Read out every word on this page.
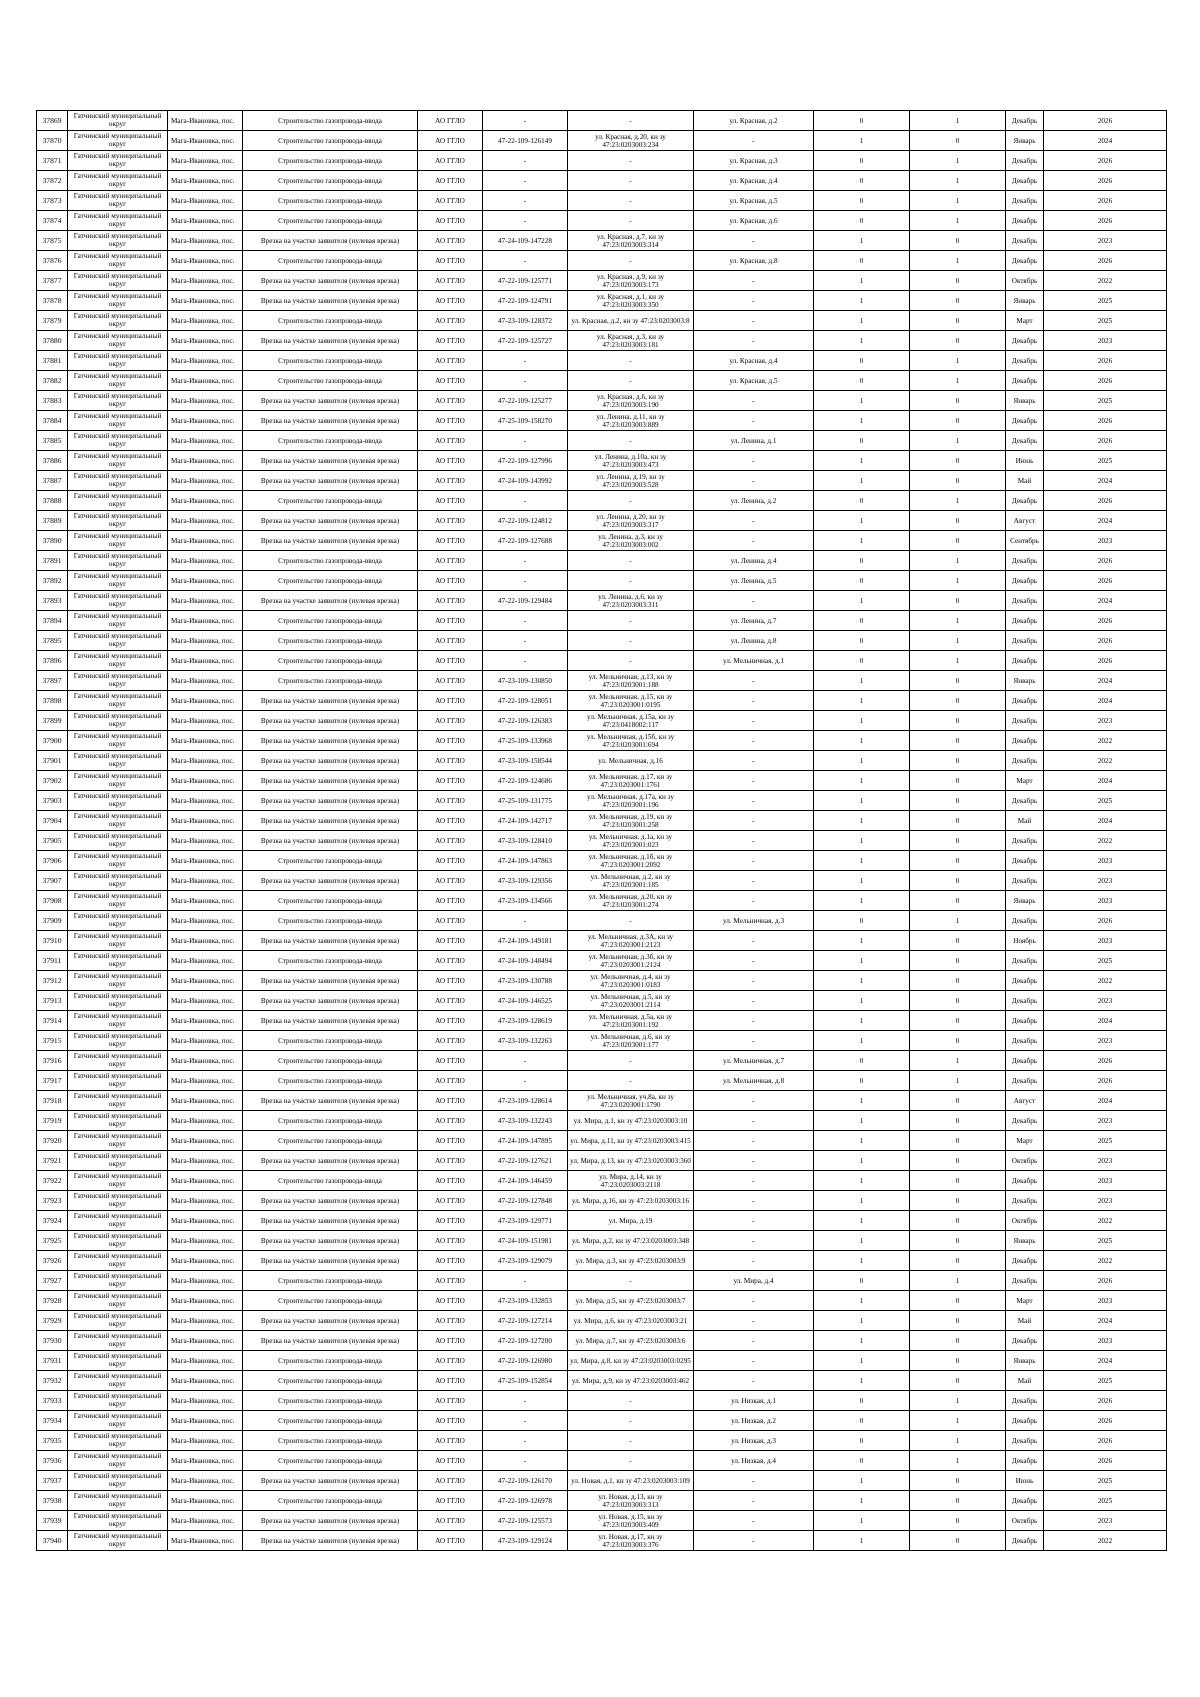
37869	Гатчинский муниципальный округ	Мага-Ивановка, пос.	Строительство газопровода-ввода	АО ГГЛО	-	-	ул. Красная, д.2	0	1	Декабрь	2026
37870	Гатчинский муниципальный округ	Мага-Ивановка, пос.	Строительство газопровода-ввода	АО ГГЛО	47-22-109-126149	ул. Красная, д.20, кн зу 47:23:0203003:234	-	1	0	Январь	2024
37871	Гатчинский муниципальный округ	Мага-Ивановка, пос.	Строительство газопровода-ввода	АО ГГЛО	-	-	ул. Красная, д.3	0	1	Декабрь	2026
37872	Гатчинский муниципальный округ	Мага-Ивановка, пос.	Строительство газопровода-ввода	АО ГГЛО	-	-	ул. Красная, д.4	0	1	Декабрь	2026
37873	Гатчинский муниципальный округ	Мага-Ивановка, пос.	Строительство газопровода-ввода	АО ГГЛО	-	-	ул. Красная, д.5	0	1	Декабрь	2026
37874	Гатчинский муниципальный округ	Мага-Ивановка, пос.	Строительство газопровода-ввода	АО ГГЛО	-	-	ул. Красная, д.6	0	1	Декабрь	2026
37875	Гатчинский муниципальный округ	Мага-Ивановка, пос.	Врезка на участке заявителя (нулевая врезка)	АО ГГЛО	47-24-109-147228	ул. Красная, д.7, кн зу 47:23:0203003:314	-	1	0	Декабрь	2023
37876	Гатчинский муниципальный округ	Мага-Ивановка, пос.	Строительство газопровода-ввода	АО ГГЛО	-	-	ул. Красная, д.8	0	1	Декабрь	2026
37877	Гатчинский муниципальный округ	Мага-Ивановка, пос.	Врезка на участке заявителя (нулевая врезка)	АО ГГЛО	47-22-109-125771	ул. Красная, д.9, кн зу 47:23:0203003:173	-	1	0	Октябрь	2022
37878	Гатчинский муниципальный округ	Мага-Ивановка, пос.	Врезка на участке заявителя (нулевая врезка)	АО ГГЛО	47-22-109-124791	ул. Красная, д.1, кн зу 47:23:0203003:350	-	1	0	Январь	2025
37879	Гатчинский муниципальный округ	Мага-Ивановка, пос.	Строительство газопровода-ввода	АО ГГЛО	47-23-109-128372	ул. Красная, д.2, кн зу 47:23:0203003:8	-	1	0	Март	2025
37880	Гатчинский муниципальный округ	Мага-Ивановка, пос.	Врезка на участке заявителя (нулевая врезка)	АО ГГЛО	47-22-109-125727	ул. Красная, д.3, кн зу 47:23:0203003:181	-	1	0	Декабрь	2023
37881	Гатчинский муниципальный округ	Мага-Ивановка, пос.	Строительство газопровода-ввода	АО ГГЛО	-	-	ул. Красная, д.4	0	1	Декабрь	2026
37882	Гатчинский муниципальный округ	Мага-Ивановка, пос.	Строительство газопровода-ввода	АО ГГЛО	-	-	ул. Красная, д.5	0	1	Декабрь	2026
37883	Гатчинский муниципальный округ	Мага-Ивановка, пос.	Врезка на участке заявителя (нулевая врезка)	АО ГГЛО	47-22-109-125277	ул. Красная, д.6, кн зу 47:23:0203003:190	-	1	0	Январь	2025
37884	Гатчинский муниципальный округ	Мага-Ивановка, пос.	Врезка на участке заявителя (нулевая врезка)	АО ГГЛО	47-25-109-158270	ул. Ленина, д.11, кн зу 47:23:0203003:889	-	1	0	Декабрь	2026
37885	Гатчинский муниципальный округ	Мага-Ивановка, пос.	Строительство газопровода-ввода	АО ГГЛО	-	-	ул. Ленина, д.1	0	1	Декабрь	2026
37886	Гатчинский муниципальный округ	Мага-Ивановка, пос.	Врезка на участке заявителя (нулевая врезка)	АО ГГЛО	47-22-109-127996	ул. Ленина, д.10а, кн зу 47:23:0203003:473	-	1	0	Июнь	2025
37887	Гатчинский муниципальный округ	Мага-Ивановка, пос.	Врезка на участке заявителя (нулевая врезка)	АО ГГЛО	47-24-109-143992	ул. Ленина, д.19, кн зу 47:23:0203003:528	-	1	0	Май	2024
37888	Гатчинский муниципальный округ	Мага-Ивановка, пос.	Строительство газопровода-ввода	АО ГГЛО	-	-	ул. Ленина, д.2	0	1	Декабрь	2026
37889	Гатчинский муниципальный округ	Мага-Ивановка, пос.	Врезка на участке заявителя (нулевая врезка)	АО ГГЛО	47-22-109-124812	ул. Ленина, д.20, кн зу 47:23:0203003:317	-	1	0	Август	2024
37890	Гатчинский муниципальный округ	Мага-Ивановка, пос.	Врезка на участке заявителя (нулевая врезка)	АО ГГЛО	47-22-109-127688	ул. Ленина, д.3, кн зу 47:23:0203003:002	-	1	0	Сентябрь	2023
37891	Гатчинский муниципальный округ	Мага-Ивановка, пос.	Строительство газопровода-ввода	АО ГГЛО	-	-	ул. Ленина, д.4	0	1	Декабрь	2026
37892	Гатчинский муниципальный округ	Мага-Ивановка, пос.	Строительство газопровода-ввода	АО ГГЛО	-	-	ул. Ленина, д.5	0	1	Декабрь	2026
37893	Гатчинский муниципальный округ	Мага-Ивановка, пос.	Врезка на участке заявителя (нулевая врезка)	АО ГГЛО	47-22-109-129484	ул. Ленина, д.6, кн зу 47:23:0203003:311	-	1	0	Декабрь	2024
37894	Гатчинский муниципальный округ	Мага-Ивановка, пос.	Строительство газопровода-ввода	АО ГГЛО	-	-	ул. Ленина, д.7	0	1	Декабрь	2026
37895	Гатчинский муниципальный округ	Мага-Ивановка, пос.	Строительство газопровода-ввода	АО ГГЛО	-	-	ул. Ленина, д.8	0	1	Декабрь	2026
37896	Гатчинский муниципальный округ	Мага-Ивановка, пос.	Строительство газопровода-ввода	АО ГГЛО	-	-	ул. Мельничная, д.1	0	1	Декабрь	2026
37897	Гатчинский муниципальный округ	Мага-Ивановка, пос.	Строительство газопровода-ввода	АО ГГЛО	47-23-109-130850	ул. Мельничная, д.13, кн зу 47:23:0203001:188	-	1	0	Январь	2024
37898	Гатчинский муниципальный округ	Мага-Ивановка, пос.	Врезка на участке заявителя (нулевая врезка)	АО ГГЛО	47-22-109-128051	ул. Мельничная, д.15, кн зу 47:23:0203001:0195	-	1	0	Декабрь	2024
37899	Гатчинский муниципальный округ	Мага-Ивановка, пос.	Врезка на участке заявителя (нулевая врезка)	АО ГГЛО	47-22-109-126383	ул. Мельничная, д.15а, кн зу 47:23:0418002:117	-	1	0	Декабрь	2023
37900	Гатчинский муниципальный округ	Мага-Ивановка, пос.	Врезка на участке заявителя (нулевая врезка)	АО ГГЛО	47-25-109-133968	ул. Мельничная, д.15б, кн зу 47:23:0203001:694	-	1	0	Декабрь	2022
37901	Гатчинский муниципальный округ	Мага-Ивановка, пос.	Врезка на участке заявителя (нулевая врезка)	АО ГГЛО	47-23-109-158544	ул. Мельничная, д.16	-	1	0	Декабрь	2022
37902	Гатчинский муниципальный округ	Мага-Ивановка, пос.	Врезка на участке заявителя (нулевая врезка)	АО ГГЛО	47-22-109-124686	ул. Мельничная, д.17, кн зу 47:23:0203001:1761	-	1	0	Март	2024
37903	Гатчинский муниципальный округ	Мага-Ивановка, пос.	Врезка на участке заявителя (нулевая врезка)	АО ГГЛО	47-25-109-131775	ул. Мельничная, д.17а, кн зу 47:23:0203001:196	-	1	0	Декабрь	2025
37904	Гатчинский муниципальный округ	Мага-Ивановка, пос.	Врезка на участке заявителя (нулевая врезка)	АО ГГЛО	47-24-109-142717	ул. Мельничная, д.19, кн зу 47:23:0203001:258	-	1	0	Май	2024
37905	Гатчинский муниципальный округ	Мага-Ивановка, пос.	Врезка на участке заявителя (нулевая врезка)	АО ГГЛО	47-23-109-128410	ул. Мельничная, д.1а, кн зу 47:23:0203001:023	-	1	0	Декабрь	2022
37906	Гатчинский муниципальный округ	Мага-Ивановка, пос.	Строительство газопровода-ввода	АО ГГЛО	47-24-109-147863	ул. Мельничная, д.1б, кн зу 47:23:0203001:2092	-	1	0	Декабрь	2023
37907	Гатчинский муниципальный округ	Мага-Ивановка, пос.	Врезка на участке заявителя (нулевая врезка)	АО ГГЛО	47-23-109-129356	ул. Мельничная, д.2, кн зу 47:23:0203001:185	-	1	0	Декабрь	2023
37908	Гатчинский муниципальный округ	Мага-Ивановка, пос.	Строительство газопровода-ввода	АО ГГЛО	47-23-109-134566	ул. Мельничная, д.20, кн зу 47:23:0203001:274	-	1	0	Январь	2023
37909	Гатчинский муниципальный округ	Мага-Ивановка, пос.	Строительство газопровода-ввода	АО ГГЛО	-	-	ул. Мельничная, д.3	0	1	Декабрь	2026
37910	Гатчинский муниципальный округ	Мага-Ивановка, пос.	Врезка на участке заявителя (нулевая врезка)	АО ГГЛО	47-24-109-149181	ул. Мельничная, д.3А, кн зу 47:23:0203001:2123	-	1	0	Ноябрь	2023
37911	Гатчинский муниципальный округ	Мага-Ивановка, пос.	Строительство газопровода-ввода	АО ГГЛО	47-24-109-148494	ул. Мельничная, д.3б, кн зу 47:23:0203001:2124	-	1	0	Декабрь	2025
37912	Гатчинский муниципальный округ	Мага-Ивановка, пос.	Врезка на участке заявителя (нулевая врезка)	АО ГГЛО	47-23-109-130788	ул. Мельничная, д.4, кн зу 47:23:0203001:0183	-	1	0	Декабрь	2022
37913	Гатчинский муниципальный округ	Мага-Ивановка, пос.	Врезка на участке заявителя (нулевая врезка)	АО ГГЛО	47-24-109-146525	ул. Мельничная, д.5, кн зу 47:23:0203001:2114	-	1	0	Декабрь	2023
37914	Гатчинский муниципальный округ	Мага-Ивановка, пос.	Врезка на участке заявителя (нулевая врезка)	АО ГГЛО	47-23-109-128619	ул. Мельничная, д.5а, кн зу 47:23:0203001:192	-	1	0	Декабрь	2024
37915	Гатчинский муниципальный округ	Мага-Ивановка, пос.	Строительство газопровода-ввода	АО ГГЛО	47-23-109-132263	ул. Мельничная, д.6, кн зу 47:23:0203001:177	-	1	0	Декабрь	2023
37916	Гатчинский муниципальный округ	Мага-Ивановка, пос.	Строительство газопровода-ввода	АО ГГЛО	-	-	ул. Мельничная, д.7	0	1	Декабрь	2026
37917	Гатчинский муниципальный округ	Мага-Ивановка, пос.	Строительство газопровода-ввода	АО ГГЛО	-	-	ул. Мельничная, д.8	0	1	Декабрь	2026
37918	Гатчинский муниципальный округ	Мага-Ивановка, пос.	Врезка на участке заявителя (нулевая врезка)	АО ГГЛО	47-23-109-128614	ул. Мельничная, уч.8а, кн зу 47:23:0203001:1790	-	1	0	Август	2024
37919	Гатчинский муниципальный округ	Мага-Ивановка, пос.	Строительство газопровода-ввода	АО ГГЛО	47-23-109-132243	ул. Мира, д.1, кн зу 47:23:0203003:10	-	1	0	Декабрь	2023
37920	Гатчинский муниципальный округ	Мага-Ивановка, пос.	Строительство газопровода-ввода	АО ГГЛО	47-24-109-147895	ул. Мира, д.11, кн зу 47:23:0203003:415	-	1	0	Март	2025
37921	Гатчинский муниципальный округ	Мага-Ивановка, пос.	Врезка на участке заявителя (нулевая врезка)	АО ГГЛО	47-22-109-127621	ул. Мира, д.13, кн зу 47:23:0203003:360	-	1	0	Октябрь	2023
37922	Гатчинский муниципальный округ	Мага-Ивановка, пос.	Строительство газопровода-ввода	АО ГГЛО	47-24-109-146459	ул. Мира, д.14, кн зу 47:23:0203003:2118	-	1	0	Декабрь	2023
37923	Гатчинский муниципальный округ	Мага-Ивановка, пос.	Врезка на участке заявителя (нулевая врезка)	АО ГГЛО	47-22-109-127848	ул. Мира, д.16, кн зу 47:23:0203003:16	-	1	0	Декабрь	2023
37924	Гатчинский муниципальный округ	Мага-Ивановка, пос.	Врезка на участке заявителя (нулевая врезка)	АО ГГЛО	47-23-109-129771	ул. Мира, д.19	-	1	0	Октябрь	2022
37925	Гатчинский муниципальный округ	Мага-Ивановка, пос.	Врезка на участке заявителя (нулевая врезка)	АО ГГЛО	47-24-109-151981	ул. Мира, д.2, кн зу 47:23:0203003:348	-	1	0	Январь	2025
37926	Гатчинский муниципальный округ	Мага-Ивановка, пос.	Врезка на участке заявителя (нулевая врезка)	АО ГГЛО	47-23-109-129079	ул. Мира, д.3, кн зу 47:23:0203003:9	-	1	0	Декабрь	2022
37927	Гатчинский муниципальный округ	Мага-Ивановка, пос.	Строительство газопровода-ввода	АО ГГЛО	-	-	ул. Мира, д.4	0	1	Декабрь	2026
37928	Гатчинский муниципальный округ	Мага-Ивановка, пос.	Строительство газопровода-ввода	АО ГГЛО	47-23-109-132853	ул. Мира, д.5, кн зу 47:23:0203003:7	-	1	0	Март	2023
37929	Гатчинский муниципальный округ	Мага-Ивановка, пос.	Врезка на участке заявителя (нулевая врезка)	АО ГГЛО	47-22-109-127214	ул. Мира, д.6, кн зу 47:23:0203003:21	-	1	0	Май	2024
37930	Гатчинский муниципальный округ	Мага-Ивановка, пос.	Врезка на участке заявителя (нулевая врезка)	АО ГГЛО	47-22-109-127200	ул. Мира, д.7, кн зу 47:23:0203003:6	-	1	0	Декабрь	2023
37931	Гатчинский муниципальный округ	Мага-Ивановка, пос.	Строительство газопровода-ввода	АО ГГЛО	47-22-109-126980	ул. Мира, д.8, кн зу 47:23:0203003:0295	-	1	0	Январь	2024
37932	Гатчинский муниципальный округ	Мага-Ивановка, пос.	Строительство газопровода-ввода	АО ГГЛО	47-25-109-152854	ул. Мира, д.9, кн зу 47:23:0203003:462	-	1	0	Май	2025
37933	Гатчинский муниципальный округ	Мага-Ивановка, пос.	Строительство газопровода-ввода	АО ГГЛО	-	-	ул. Низкая, д.1	0	1	Декабрь	2026
37934	Гатчинский муниципальный округ	Мага-Ивановка, пос.	Строительство газопровода-ввода	АО ГГЛО	-	-	ул. Низкая, д.2	0	1	Декабрь	2026
37935	Гатчинский муниципальный округ	Мага-Ивановка, пос.	Строительство газопровода-ввода	АО ГГЛО	-	-	ул. Низкая, д.3	0	1	Декабрь	2026
37936	Гатчинский муниципальный округ	Мага-Ивановка, пос.	Строительство газопровода-ввода	АО ГГЛО	-	-	ул. Низкая, д.4	0	1	Декабрь	2026
37937	Гатчинский муниципальный округ	Мага-Ивановка, пос.	Врезка на участке заявителя (нулевая врезка)	АО ГГЛО	47-22-109-126170	ул. Новая, д.1, кн зу 47:23:0203003:109	-	1	0	Июнь	2025
37938	Гатчинский муниципальный округ	Мага-Ивановка, пос.	Строительство газопровода-ввода	АО ГГЛО	47-22-109-126978	ул. Новая, д.13, кн зу 47:23:0203003:313	-	1	0	Декабрь	2025
37939	Гатчинский муниципальный округ	Мага-Ивановка, пос.	Врезка на участке заявителя (нулевая врезка)	АО ГГЛО	47-22-109-125573	ул. Новая, д.15, кн зу 47:23:0203003:409	-	1	0	Октябрь	2023
37940	Гатчинский муниципальный округ	Мага-Ивановка, пос.	Врезка на участке заявителя (нулевая врезка)	АО ГГЛО	47-23-109-129124	ул. Новая, д.17, кн зу 47:23:0203003:376	-	1	0	Декабрь	2022
